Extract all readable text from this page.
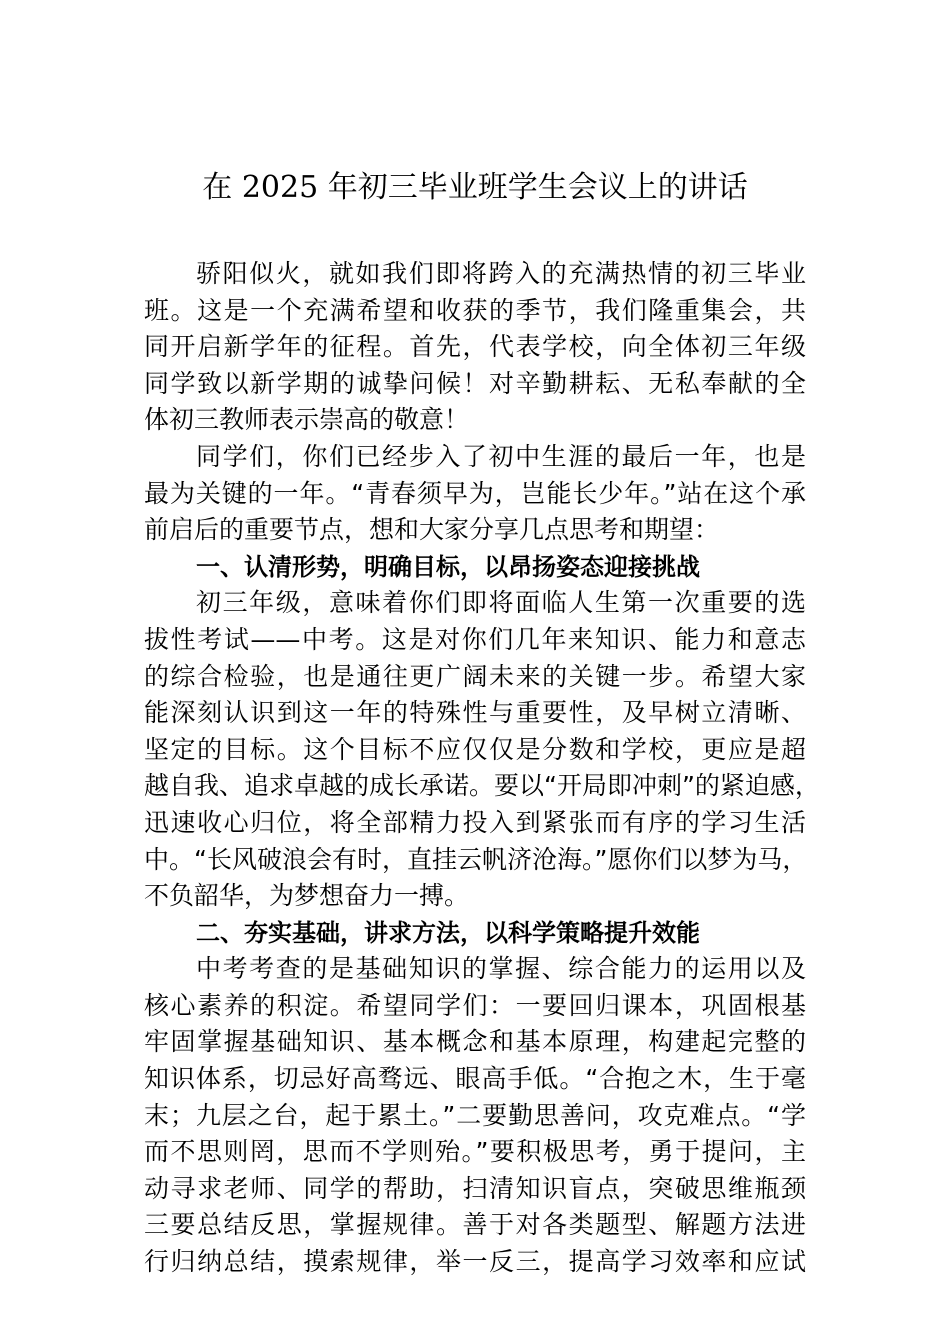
在 2025 年初三毕业班学生会议上的讲话
骄阳似火，就如我们即将跨入的充满热情的初三毕业
班。这是一个充满希望和收获的季节，我们隆重集会，共
同开启新学年的征程。首先，代表学校，向全体初三年级
同学致以新学期的诚挚问候！对辛勤耕耘、无私奉献的全
体初三教师表示崇高的敬意！
同学们，你们已经步入了初中生涯的最后一年，也是
最为关键的一年。“青春须早为，岂能长少年。”站在这个承
前启后的重要节点，想和大家分享几点思考和期望：
一、认清形势，明确目标，以昂扬姿态迎接挑战
初三年级，意味着你们即将面临人生第一次重要的选
拔性考试——中考。这是对你们几年来知识、能力和意志
的综合检验，也是通往更广阔未来的关键一步。希望大家
能深刻认识到这一年的特殊性与重要性，及早树立清晰、
坚定的目标。这个目标不应仅仅是分数和学校，更应是超
越自我、追求卓越的成长承诺。要以“开局即冲刺”的紧迫感，
迅速收心归位，将全部精力投入到紧张而有序的学习生活
中。“长风破浪会有时，直挂云帆济沧海。”愿你们以梦为马，
不负韶华，为梦想奋力一搏。
二、夯实基础，讲求方法，以科学策略提升效能
中考考查的是基础知识的掌握、综合能力的运用以及
核心素养的积淀。希望同学们：一要回归课本，巩固根基
牢固掌握基础知识、基本概念和基本原理，构建起完整的
知识体系，切忌好高骛远、眼高手低。“合抱之木，生于毫
末；九层之台，起于累土。”二要勤思善问，攻克难点。“学
而不思则罔，思而不学则殆。”要积极思考，勇于提问，主
动寻求老师、同学的帮助，扫清知识盲点，突破思维瓶颈
三要总结反思，掌握规律。善于对各类题型、解题方法进
行归纳总结，摸索规律，举一反三，提高学习效率和应试
